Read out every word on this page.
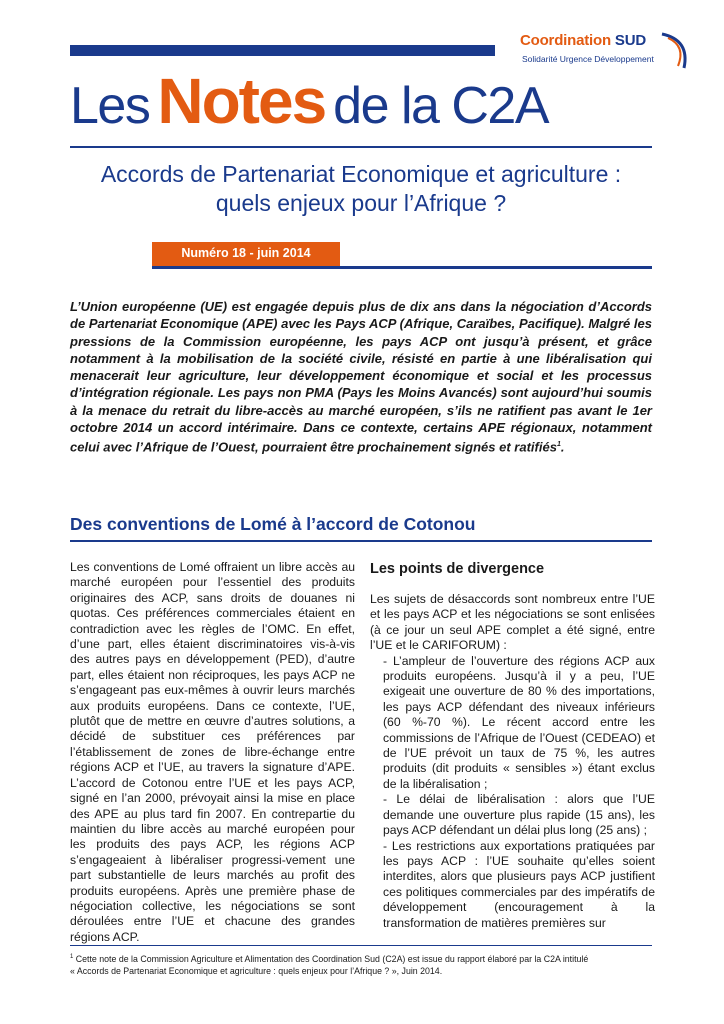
Coordination SUD
Solidarité Urgence Développement
Les Notes de la C2A
Accords de Partenariat Economique et agriculture :
quels enjeux pour l’Afrique ?
Numéro 18 - juin 2014
L’Union européenne (UE) est engagée depuis plus de dix ans dans la négociation d’Accords de Partenariat Economique (APE) avec les Pays ACP (Afrique, Caraïbes, Pacifique). Malgré les pressions de la Commission européenne, les pays ACP ont jusqu’à présent, et grâce notamment à la mobilisation de la société civile, résisté en partie à une libéralisation qui menacerait leur agriculture, leur développement économique et social et les processus d’intégration régionale. Les pays non PMA (Pays les Moins Avancés) sont aujourd’hui soumis à la menace du retrait du libre-accès au marché européen, s’ils ne ratifient pas avant le 1er octobre 2014 un accord intérimaire. Dans ce contexte, certains APE régionaux, notamment celui avec l’Afrique de l’Ouest, pourraient être prochainement signés et ratifiés$^1$.
Des conventions de Lomé à l’accord de Cotonou
Les conventions de Lomé offraient un libre accès au marché européen pour l’essentiel des produits originaires des ACP, sans droits de douanes ni quotas. Ces préférences commerciales étaient en contradiction avec les règles de l’OMC. En effet, d’une part, elles étaient discriminatoires vis-à-vis des autres pays en développement (PED), d’autre part, elles étaient non réciproques, les pays ACP ne s’engageant pas eux-mêmes à ouvrir leurs marchés aux produits européens. Dans ce contexte, l’UE, plutôt que de mettre en œuvre d’autres solutions, a décidé de substituer ces préférences par l’établissement de zones de libre-échange entre régions ACP et l’UE, au travers la signature d’APE. L’accord de Cotonou entre l’UE et les pays ACP, signé en l’an 2000, prévoyait ainsi la mise en place des APE au plus tard fin 2007. En contrepartie du maintien du libre accès au marché européen pour les produits des pays ACP, les régions ACP s’engageaient à libéraliser progressi-vement une part substantielle de leurs marchés au profit des produits européens. Après une première phase de négociation collective, les négociations se sont déroulées entre l’UE et chacune des grandes régions ACP.
Les points de divergence

Les sujets de désaccords sont nombreux entre l’UE et les pays ACP et les négociations se sont enlisées (à ce jour un seul APE complet a été signé, entre l’UE et le CARIFORUM) :

- L’ampleur de l’ouverture des régions ACP aux produits européens. Jusqu’à il y a peu, l’UE exigeait une ouverture de 80 % des importations, les pays ACP défendant des niveaux inférieurs (60 %-70 %). Le récent accord entre les commissions de l’Afrique de l’Ouest (CEDEAO) et de l’UE prévoit un taux de 75 %, les autres produits (dit produits « sensibles ») étant exclus de la libéralisation ;
- Le délai de libéralisation : alors que l’UE demande une ouverture plus rapide (15 ans), les pays ACP défendant un délai plus long (25 ans) ;
- Les restrictions aux exportations pratiquées par les pays ACP : l’UE souhaite qu’elles soient interdites, alors que plusieurs pays ACP justifient ces politiques commerciales par des impératifs de développement (encouragement à la transformation de matières premières sur
$^1$ Cette note de la Commission Agriculture et Alimentation des Coordination Sud (C2A) est issue du rapport élaboré par la C2A intitulé
« Accords de Partenariat Economique et agriculture : quels enjeux pour l’Afrique ? », Juin 2014.
